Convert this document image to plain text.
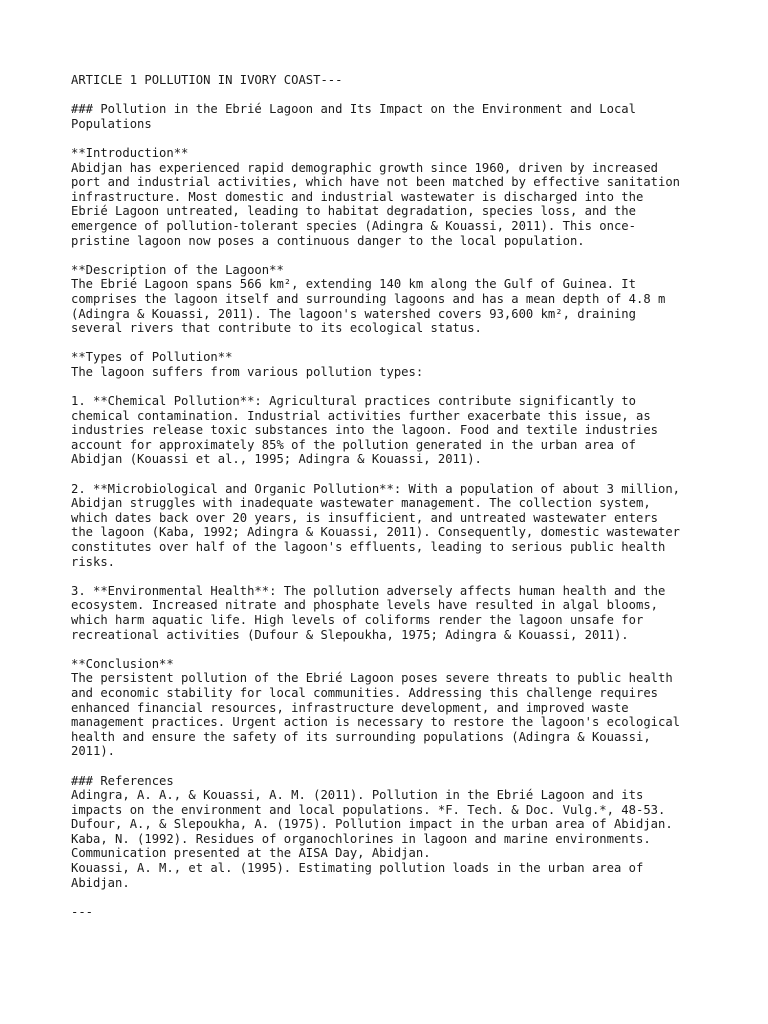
ARTICLE 1 POLLUTION IN IVORY COAST---
### Pollution in the Ebrié Lagoon and Its Impact on the Environment and Local
Populations
**Introduction**
Abidjan has experienced rapid demographic growth since 1960, driven by increased
port and industrial activities, which have not been matched by effective sanitation
infrastructure. Most domestic and industrial wastewater is discharged into the
Ebrié Lagoon untreated, leading to habitat degradation, species loss, and the
emergence of pollution-tolerant species (Adingra & Kouassi, 2011). This once-
pristine lagoon now poses a continuous danger to the local population.
**Description of the Lagoon**
The Ebrié Lagoon spans 566 km², extending 140 km along the Gulf of Guinea. It
comprises the lagoon itself and surrounding lagoons and has a mean depth of 4.8 m
(Adingra & Kouassi, 2011). The lagoon's watershed covers 93,600 km², draining
several rivers that contribute to its ecological status.
**Types of Pollution**
The lagoon suffers from various pollution types:
1. **Chemical Pollution**: Agricultural practices contribute significantly to
chemical contamination. Industrial activities further exacerbate this issue, as
industries release toxic substances into the lagoon. Food and textile industries
account for approximately 85% of the pollution generated in the urban area of
Abidjan (Kouassi et al., 1995; Adingra & Kouassi, 2011).
2. **Microbiological and Organic Pollution**: With a population of about 3 million,
Abidjan struggles with inadequate wastewater management. The collection system,
which dates back over 20 years, is insufficient, and untreated wastewater enters
the lagoon (Kaba, 1992; Adingra & Kouassi, 2011). Consequently, domestic wastewater
constitutes over half of the lagoon's effluents, leading to serious public health
risks.
3. **Environmental Health**: The pollution adversely affects human health and the
ecosystem. Increased nitrate and phosphate levels have resulted in algal blooms,
which harm aquatic life. High levels of coliforms render the lagoon unsafe for
recreational activities (Dufour & Slepoukha, 1975; Adingra & Kouassi, 2011).
**Conclusion**
The persistent pollution of the Ebrié Lagoon poses severe threats to public health
and economic stability for local communities. Addressing this challenge requires
enhanced financial resources, infrastructure development, and improved waste
management practices. Urgent action is necessary to restore the lagoon's ecological
health and ensure the safety of its surrounding populations (Adingra & Kouassi,
2011).
### References
Adingra, A. A., & Kouassi, A. M. (2011). Pollution in the Ebrié Lagoon and its
impacts on the environment and local populations. *F. Tech. & Doc. Vulg.*, 48-53.
Dufour, A., & Slepoukha, A. (1975). Pollution impact in the urban area of Abidjan.
Kaba, N. (1992). Residues of organochlorines in lagoon and marine environments.
Communication presented at the AISA Day, Abidjan.
Kouassi, A. M., et al. (1995). Estimating pollution loads in the urban area of
Abidjan.
---
